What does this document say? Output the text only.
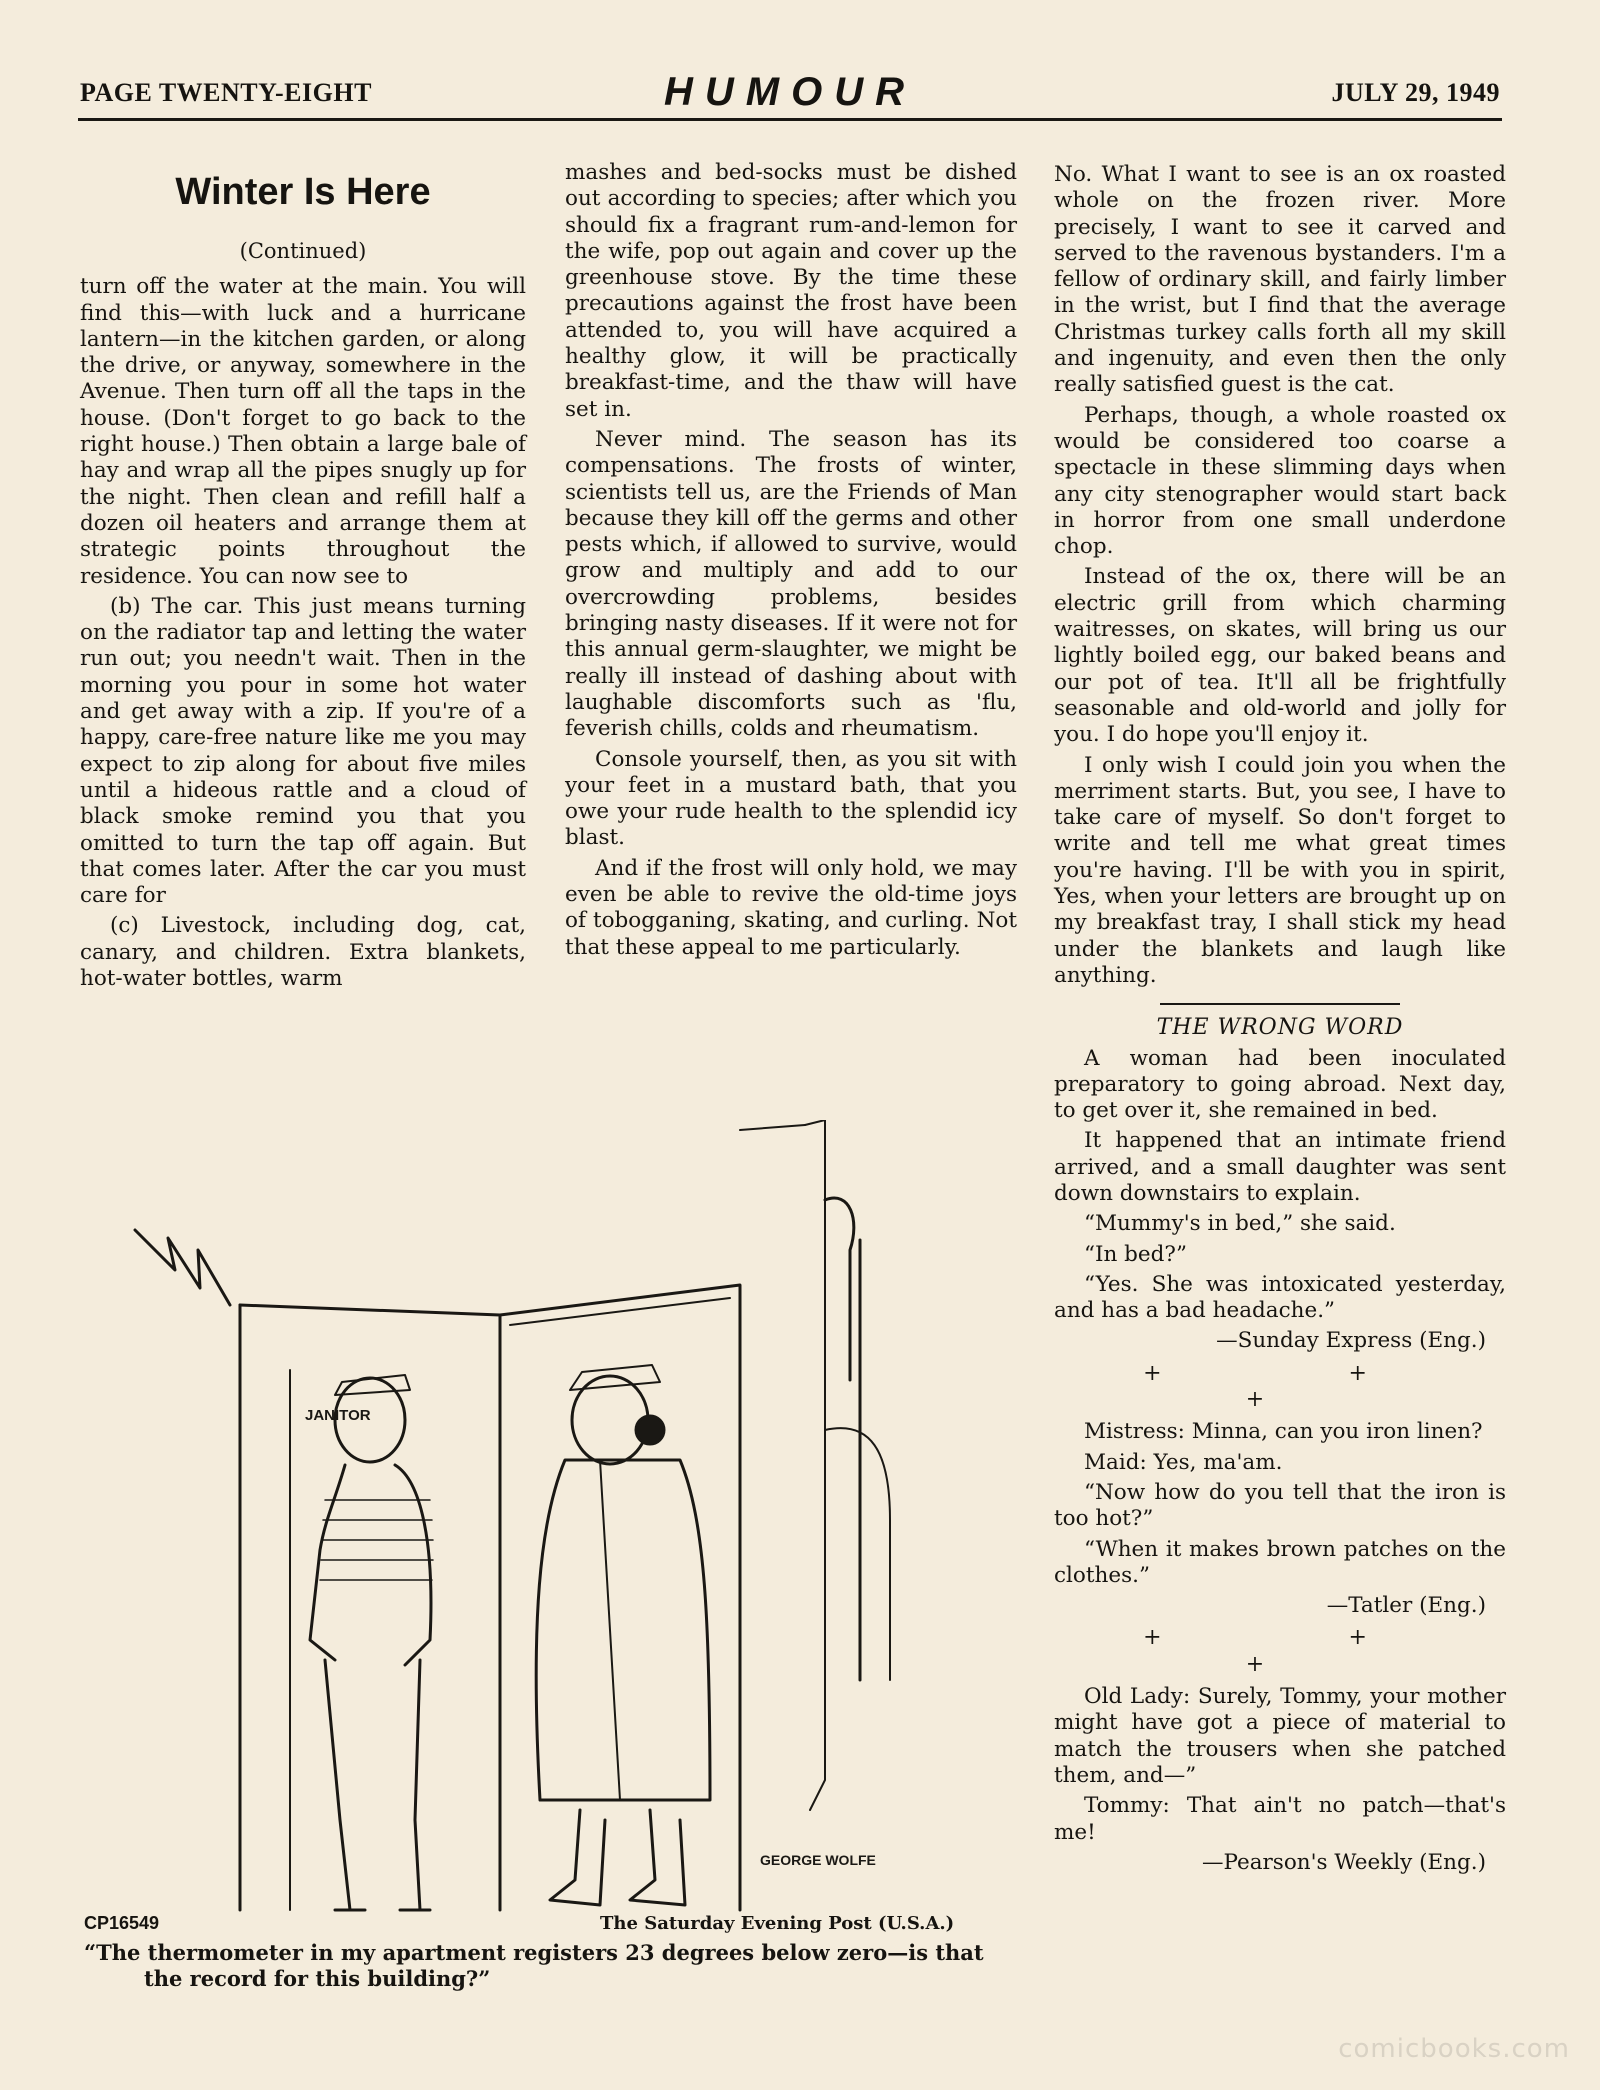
PAGE TWENTY-EIGHT	HUMOUR	JULY 29, 1949
Winter Is Here
(Continued)

turn off the water at the main. You will find this—with luck and a hurricane lantern—in the kitchen garden, or along the drive, or anyway, somewhere in the Avenue. Then turn off all the taps in the house. (Don't forget to go back to the right house.) Then obtain a large bale of hay and wrap all the pipes snugly up for the night. Then clean and refill half a dozen oil heaters and arrange them at strategic points throughout the residence. You can now see to

(b) The car. This just means turning on the radiator tap and letting the water run out; you needn't wait. Then in the morning you pour in some hot water and get away with a zip. If you're of a happy, care-free nature like me you may expect to zip along for about five miles until a hideous rattle and a cloud of black smoke remind you that you omitted to turn the tap off again. But that comes later. After the car you must care for

(c) Livestock, including dog, cat, canary, and children. Extra blankets, hot-water bottles, warm

mashes and bed-socks must be dished out according to species; after which you should fix a fragrant rum-and-lemon for the wife, pop out again and cover up the greenhouse stove. By the time these precautions against the frost have been attended to, you will have acquired a healthy glow, it will be practically breakfast-time, and the thaw will have set in.

Never mind. The season has its compensations. The frosts of winter, scientists tell us, are the Friends of Man because they kill off the germs and other pests which, if allowed to survive, would grow and multiply and add to our overcrowding problems, besides bringing nasty diseases. If it were not for this annual germ-slaughter, we might be really ill instead of dashing about with laughable discomforts such as 'flu, feverish chills, colds and rheumatism.

Console yourself, then, as you sit with your feet in a mustard bath, that you owe your rude health to the splendid icy blast.

And if the frost will only hold, we may even be able to revive the old-time joys of tobogganing, skating, and curling. Not that these appeal to me particularly.

No. What I want to see is an ox roasted whole on the frozen river. More precisely, I want to see it carved and served to the ravenous bystanders. I'm a fellow of ordinary skill, and fairly limber in the wrist, but I find that the average Christmas turkey calls forth all my skill and ingenuity, and even then the only really satisfied guest is the cat.

Perhaps, though, a whole roasted ox would be considered too coarse a spectacle in these slimming days when any city stenographer would start back in horror from one small underdone chop.

Instead of the ox, there will be an electric grill from which charming waitresses, on skates, will bring us our lightly boiled egg, our baked beans and our pot of tea. It'll all be frightfully seasonable and old-world and jolly for you. I do hope you'll enjoy it.

I only wish I could join you when the merriment starts. But, you see, I have to take care of myself. So don't forget to write and tell me what great times you're having. I'll be with you in spirit, Yes, when your letters are brought up on my breakfast tray, I shall stick my head under the blankets and laugh like anything.

THE WRONG WORD

A woman had been inoculated preparatory to going abroad. Next day, to get over it, she remained in bed.

It happened that an intimate friend arrived, and a small daughter was sent down downstairs to explain.

“Mummy's in bed,” she said.

“In bed?”

“Yes. She was intoxicated yesterday, and has a bad headache.”

—Sunday Express (Eng.)

+ + +

Mistress: Minna, can you iron linen?

Maid: Yes, ma'am.

“Now how do you tell that the iron is too hot?”

“When it makes brown patches on the clothes.”

—Tatler (Eng.)

+ + +

Old Lady: Surely, Tommy, your mother might have got a piece of material to match the trousers when she patched them, and—”

Tommy: That ain't no patch—that's me!

—Pearson's Weekly (Eng.)

JANITOR
GEORGE WOLFE
CP16549	The Saturday Evening Post (U.S.A.)
“The thermometer in my apartment registers 23 degrees below zero—is that
the record for this building?”
comicbooks.com
